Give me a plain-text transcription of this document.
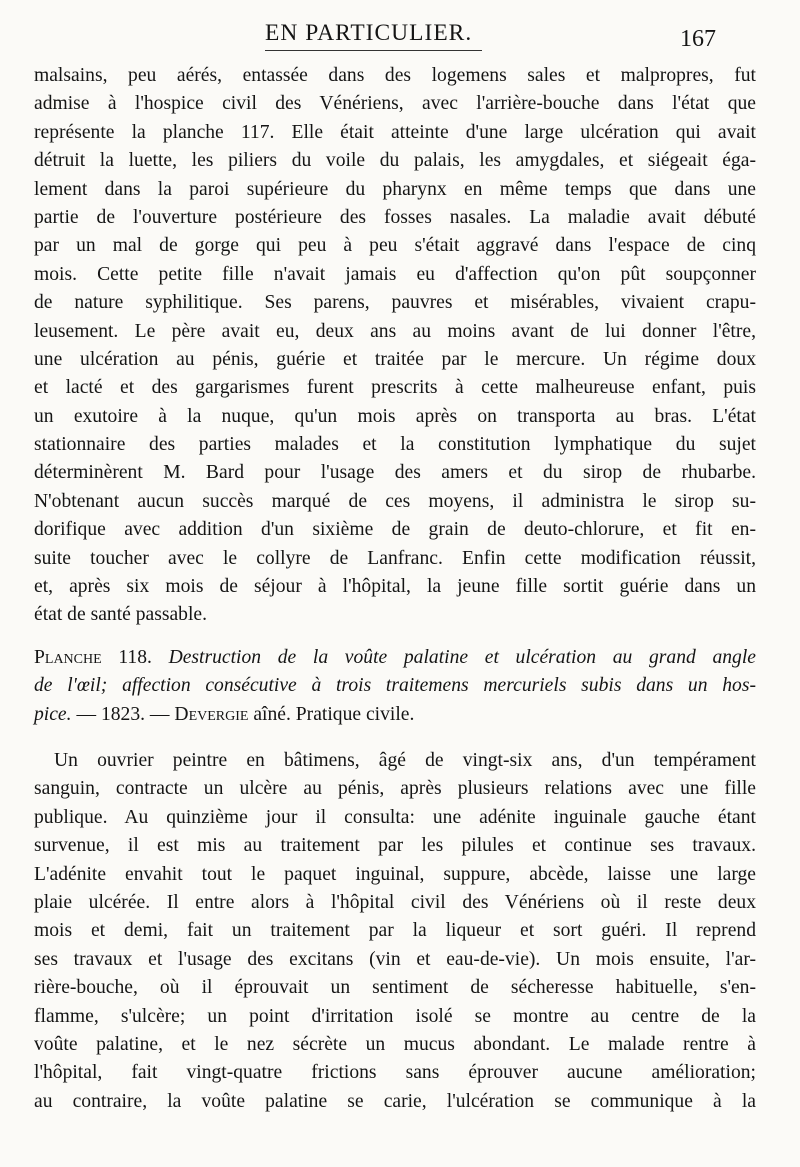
EN PARTICULIER.	167
malsains, peu aérés, entassée dans des logemens sales et malpropres, fut
admise à l'hospice civil des Vénériens, avec l'arrière-bouche dans l'état que
représente la planche 117. Elle était atteinte d'une large ulcération qui avait
détruit la luette, les piliers du voile du palais, les amygdales, et siégeait éga-
lement dans la paroi supérieure du pharynx en même temps que dans une
partie de l'ouverture postérieure des fosses nasales. La maladie avait débuté
par un mal de gorge qui peu à peu s'était aggravé dans l'espace de cinq
mois. Cette petite fille n'avait jamais eu d'affection qu'on pût soupçonner
de nature syphilitique. Ses parens, pauvres et misérables, vivaient crapu-
leusement. Le père avait eu, deux ans au moins avant de lui donner l'être,
une ulcération au pénis, guérie et traitée par le mercure. Un régime doux
et lacté et des gargarismes furent prescrits à cette malheureuse enfant, puis
un exutoire à la nuque, qu'un mois après on transporta au bras. L'état
stationnaire des parties malades et la constitution lymphatique du sujet
déterminèrent M. Bard pour l'usage des amers et du sirop de rhubarbe.
N'obtenant aucun succès marqué de ces moyens, il administra le sirop su-
dorifique avec addition d'un sixième de grain de deuto-chlorure, et fit en-
suite toucher avec le collyre de Lanfranc. Enfin cette modification réussit,
et, après six mois de séjour à l'hôpital, la jeune fille sortit guérie dans un
état de santé passable.
Planche 118. Destruction de la voûte palatine et ulcération au grand angle
de l'œil; affection consécutive à trois traitemens mercuriels subis dans un hos-
pice. — 1823. — Devergie aîné. Pratique civile.
Un ouvrier peintre en bâtimens, âgé de vingt-six ans, d'un tempérament
sanguin, contracte un ulcère au pénis, après plusieurs relations avec une fille
publique. Au quinzième jour il consulta: une adénite inguinale gauche étant
survenue, il est mis au traitement par les pilules et continue ses travaux.
L'adénite envahit tout le paquet inguinal, suppure, abcède, laisse une large
plaie ulcérée. Il entre alors à l'hôpital civil des Vénériens où il reste deux
mois et demi, fait un traitement par la liqueur et sort guéri. Il reprend
ses travaux et l'usage des excitans (vin et eau-de-vie). Un mois ensuite, l'ar-
rière-bouche, où il éprouvait un sentiment de sécheresse habituelle, s'en-
flamme, s'ulcère; un point d'irritation isolé se montre au centre de la
voûte palatine, et le nez sécrète un mucus abondant. Le malade rentre à
l'hôpital, fait vingt-quatre frictions sans éprouver aucune amélioration;
au contraire, la voûte palatine se carie, l'ulcération se communique à la
